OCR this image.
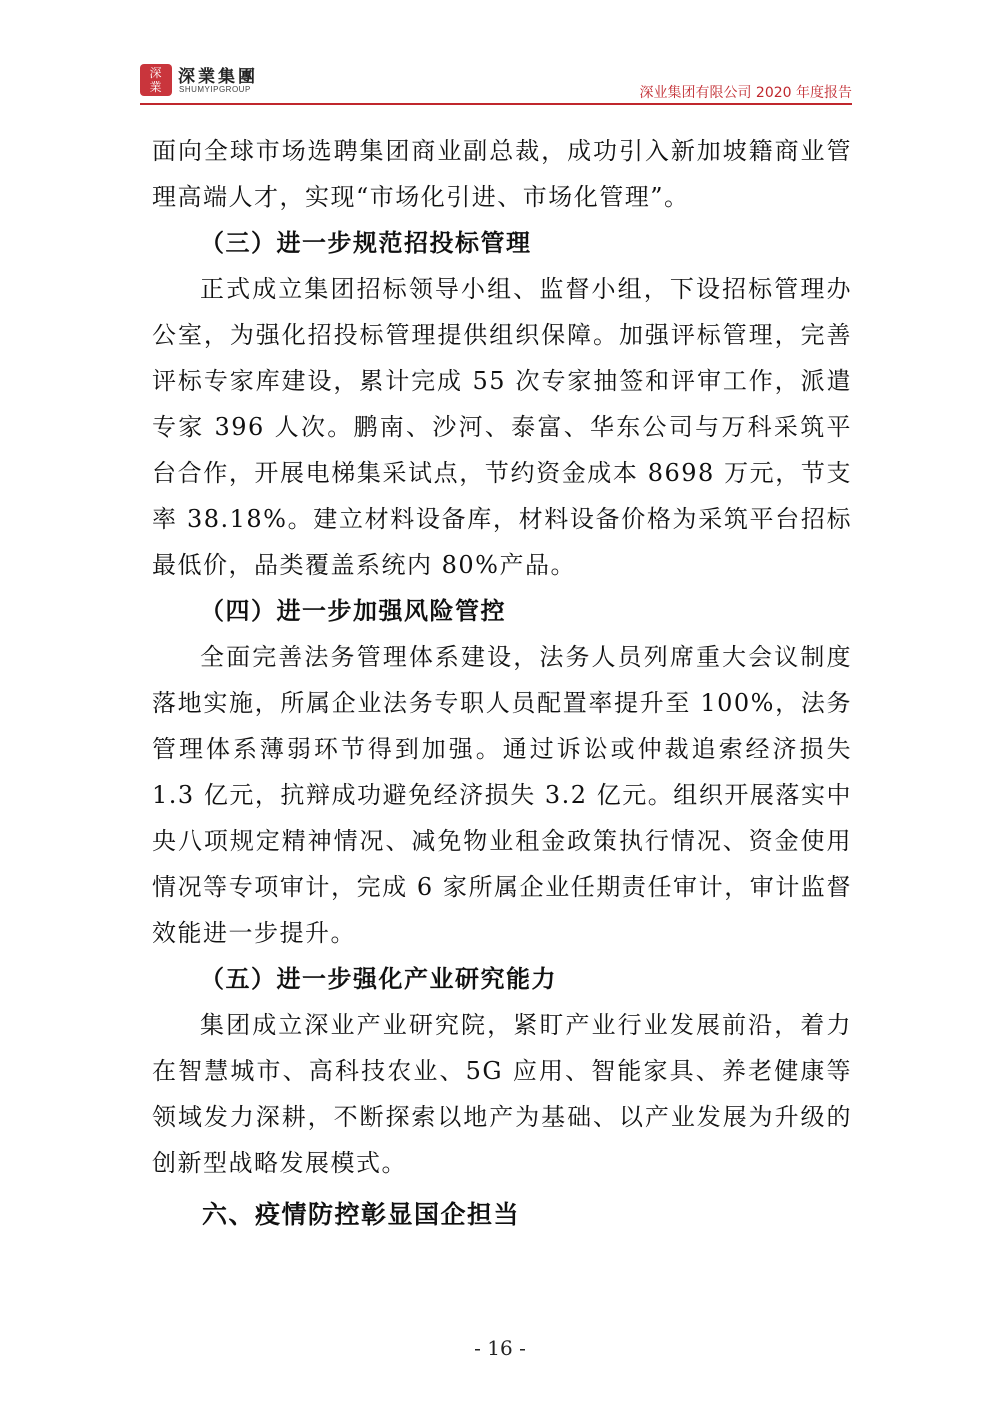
深
業 深業集團
SHUMYIPGROUP	深业集团有限公司 2020 年度报告

面向全球市场选聘集团商业副总裁，成功引入新加坡籍商业管理高端人才，实现“市场化引进、市场化管理”。

（三）进一步规范招投标管理

正式成立集团招标领导小组、监督小组，下设招标管理办公室，为强化招投标管理提供组织保障。加强评标管理，完善评标专家库建设，累计完成 55 次专家抽签和评审工作，派遣专家 396 人次。鹏南、沙河、泰富、华东公司与万科采筑平台合作，开展电梯集采试点，节约资金成本 8698 万元，节支率 38.18%。建立材料设备库，材料设备价格为采筑平台招标最低价，品类覆盖系统内 80%产品。

（四）进一步加强风险管控

全面完善法务管理体系建设，法务人员列席重大会议制度落地实施，所属企业法务专职人员配置率提升至 100%，法务管理体系薄弱环节得到加强。通过诉讼或仲裁追索经济损失 1.3 亿元，抗辩成功避免经济损失 3.2 亿元。组织开展落实中央八项规定精神情况、减免物业租金政策执行情况、资金使用情况等专项审计，完成 6 家所属企业任期责任审计，审计监督效能进一步提升。

（五）进一步强化产业研究能力

集团成立深业产业研究院，紧盯产业行业发展前沿，着力在智慧城市、高科技农业、5G 应用、智能家具、养老健康等领域发力深耕，不断探索以地产为基础、以产业发展为升级的创新型战略发展模式。

六、疫情防控彰显国企担当

- 16 -
